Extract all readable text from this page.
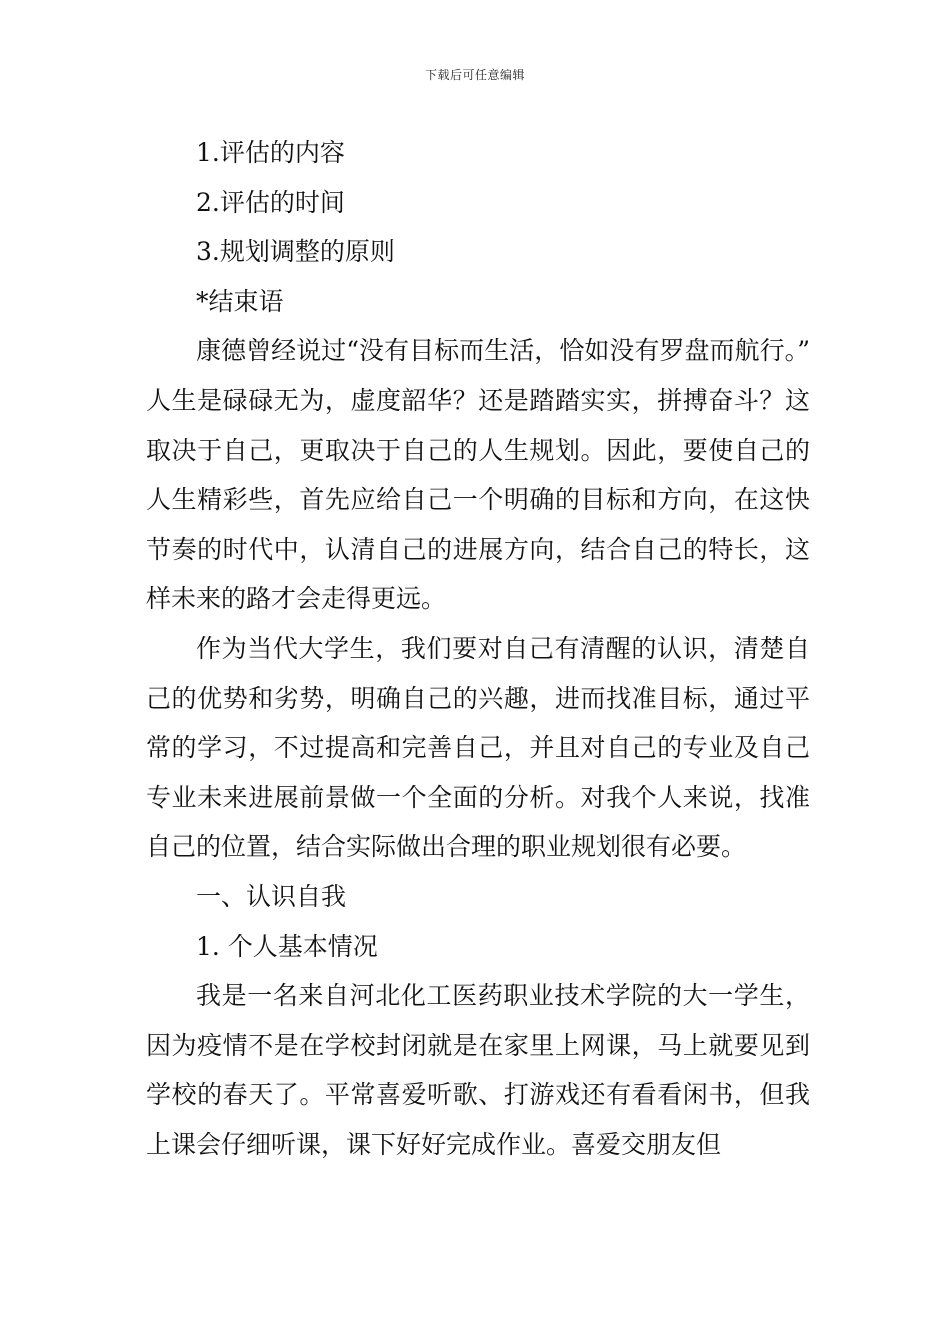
下载后可任意编辑

1.评估的内容

2.评估的时间

3.规划调整的原则

*结束语

康德曾经说过“没有目标而生活，恰如没有罗盘而航行。” 人生是碌碌无为，虚度韶华？还是踏踏实实，拼搏奋斗？这取决于自己，更取决于自己的人生规划。因此，要使自己的人生精彩些，首先应给自己一个明确的目标和方向，在这快节奏的时代中，认清自己的进展方向，结合自己的特长，这样未来的路才会走得更远。

作为当代大学生，我们要对自己有清醒的认识，清楚自己的优势和劣势，明确自己的兴趣，进而找准目标，通过平常的学习，不过提高和完善自己，并且对自己的专业及自己专业未来进展前景做一个全面的分析。对我个人来说，找准自己的位置，结合实际做出合理的职业规划很有必要。

一、认识自我

1. 个人基本情况

我是一名来自河北化工医药职业技术学院的大一学生，因为疫情不是在学校封闭就是在家里上网课，马上就要见到学校的春天了。平常喜爱听歌、打游戏还有看看闲书，但我上课会仔细听课，课下好好完成作业。喜爱交朋友但
